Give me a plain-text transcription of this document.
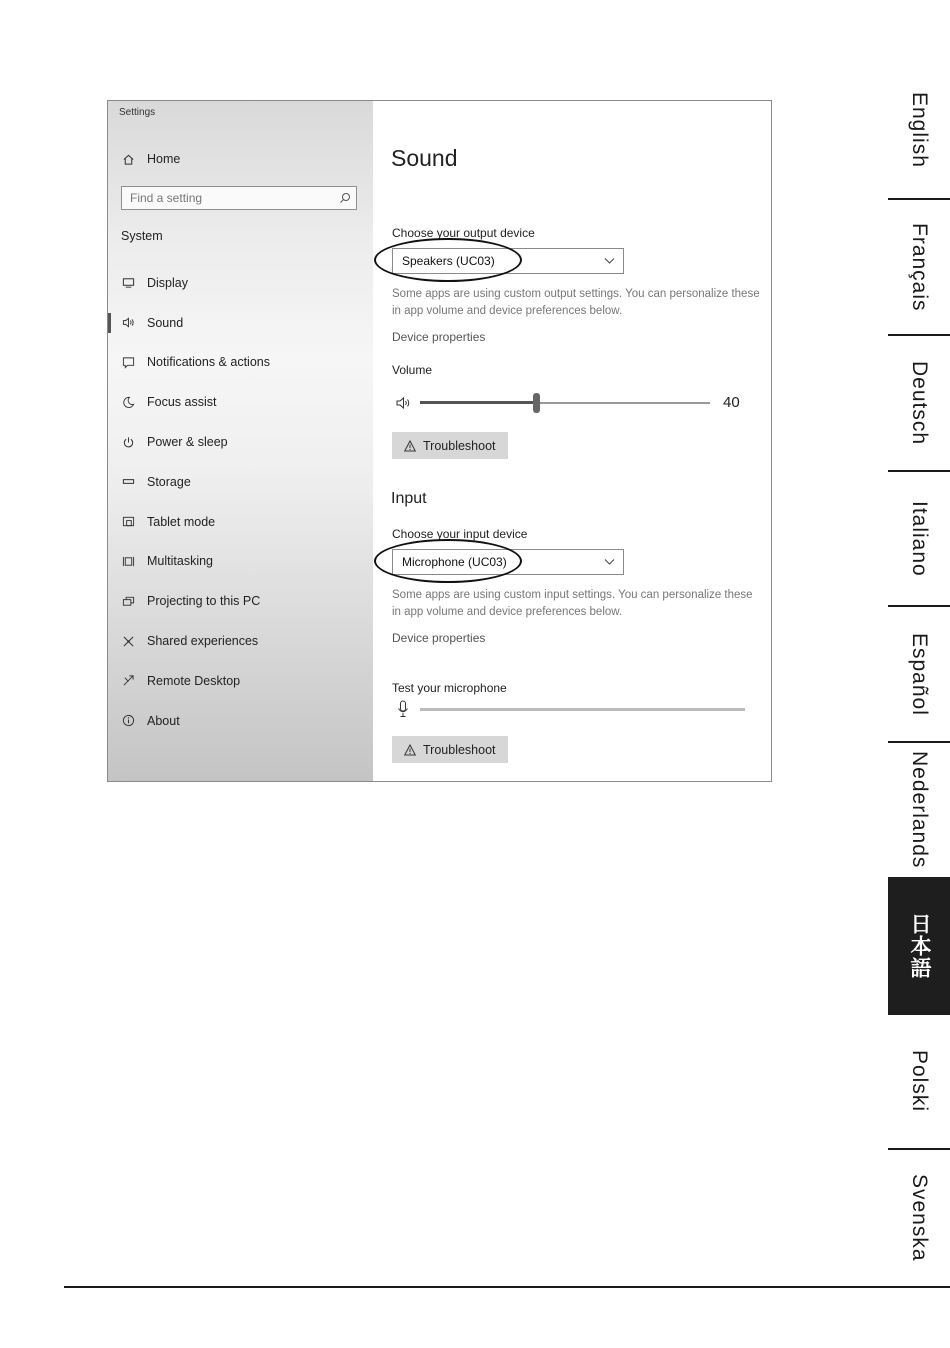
Settings
Home
Find a setting
System
Display
Sound
Notifications & actions
Focus assist
Power & sleep
Storage
Tablet mode
Multitasking
Projecting to this PC
Shared experiences
Remote Desktop
About
Sound
Choose your output device
Speakers (UC03)
Some apps are using custom output settings. You can personalize these in app volume and device preferences below.
Device properties
Volume
40
Troubleshoot
Input
Choose your input device
Microphone (UC03)
Some apps are using custom input settings. You can personalize these in app volume and device preferences below.
Device properties
Test your microphone
Troubleshoot
English
Français
Deutsch
Italiano
Español
Nederlands
日本語
Polski
Svenska
